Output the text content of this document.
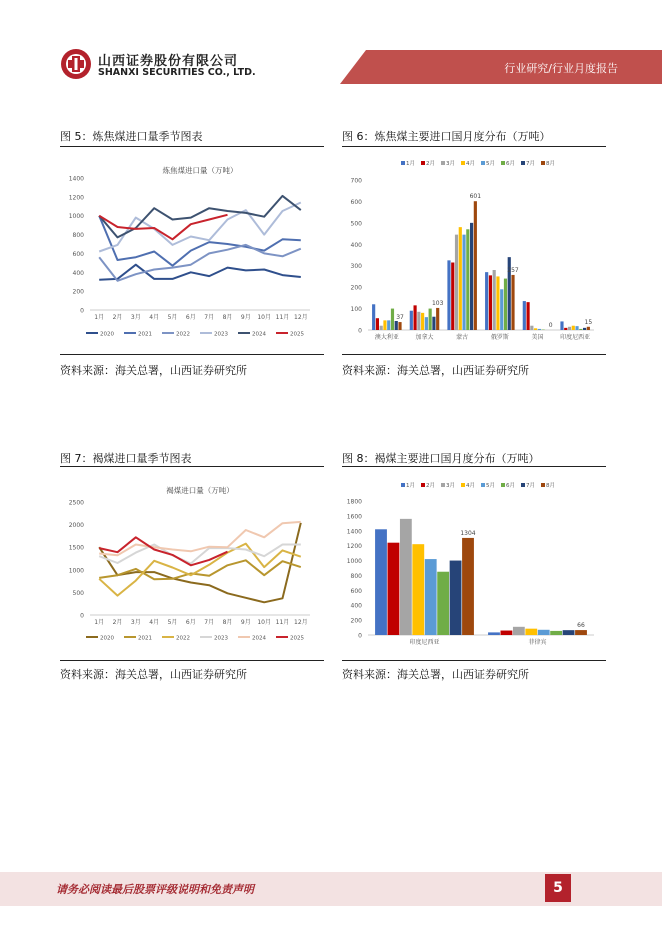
山西证券股份有限公司
SHANXI SECURITIES CO., LTD.	行业研究/行业月度报告
图 5：炼焦煤进口量季节图表
炼焦煤进口量（万吨）
0
200
400
600
800
1000
1200
1400
1月 2月 3月 4月 5月 6月 7月 8月 9月 10月 11月 12月
2020	2021	2022	2023	2024	2025
资料来源：海关总署，山西证券研究所
图 6：炼焦煤主要进口国月度分布（万吨）
1月 2月 3月 4月 5月 6月 7月 8月
0
100
200
300
400
500
600
700
澳大利亚	加拿大	蒙古	俄罗斯	美国	印度尼西亚
37
103
601
257
0	15
资料来源：海关总署，山西证券研究所
图 7：褐煤进口量季节图表
褐煤进口量（万吨）
0
500
1000
1500
2000
2500
1月 2月 3月 4月 5月 6月 7月 8月 9月 10月 11月 12月
2020	2021	2022	2023	2024	2025
资料来源：海关总署，山西证券研究所
图 8：褐煤主要进口国月度分布（万吨）
1月 2月 3月 4月 5月 6月 7月 8月
0
200
400
600
800
1000
1200
1400
1600
1800
印度尼西亚	菲律宾
1304
66
资料来源：海关总署，山西证券研究所
请务必阅读最后股票评级说明和免责声明	5
